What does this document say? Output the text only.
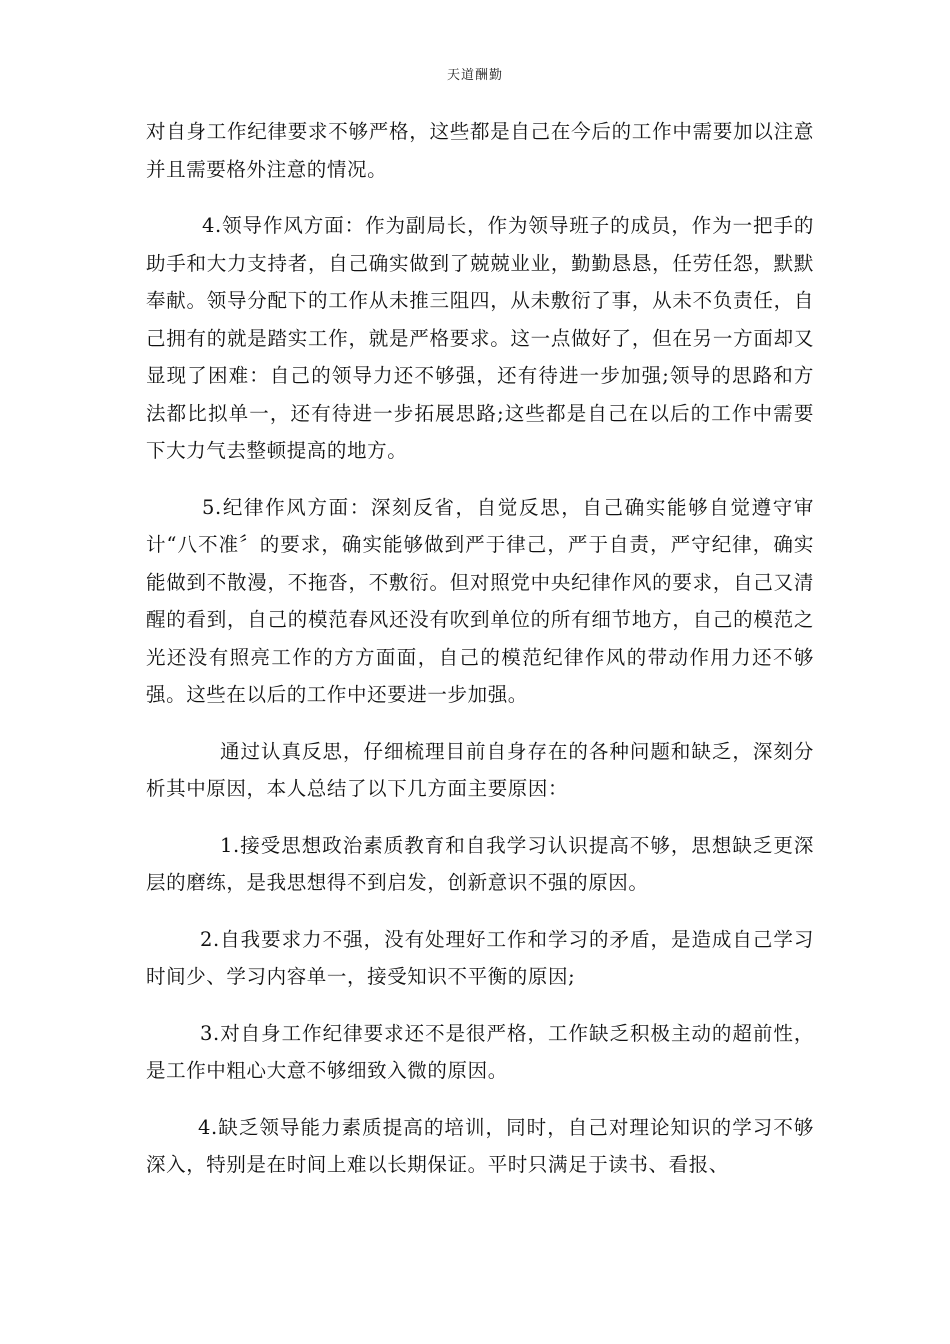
天道酬勤

对自身工作纪律要求不够严格，这些都是自己在今后的工作中需要加以注意并且需要格外注意的情况。

4.领导作风方面：作为副局长，作为领导班子的成员，作为一把手的助手和大力支持者，自己确实做到了兢兢业业，勤勤恳恳，任劳任怨，默默奉献。领导分配下的工作从未推三阻四，从未敷衍了事，从未不负责任，自己拥有的就是踏实工作，就是严格要求。这一点做好了，但在另一方面却又显现了困难：自己的领导力还不够强，还有待进一步加强;领导的思路和方法都比拟单一，还有待进一步拓展思路;这些都是自己在以后的工作中需要下大力气去整顿提高的地方。

5.纪律作风方面：深刻反省，自觉反思，自己确实能够自觉遵守审计“八不准〞的要求，确实能够做到严于律己，严于自责，严守纪律，确实能做到不散漫，不拖沓，不敷衍。但对照党中央纪律作风的要求，自己又清醒的看到，自己的模范春风还没有吹到单位的所有细节地方，自己的模范之光还没有照亮工作的方方面面，自己的模范纪律作风的带动作用力还不够强。这些在以后的工作中还要进一步加强。

通过认真反思，仔细梳理目前自身存在的各种问题和缺乏，深刻分析其中原因，本人总结了以下几方面主要原因：

1.接受思想政治素质教育和自我学习认识提高不够，思想缺乏更深层的磨练，是我思想得不到启发，创新意识不强的原因。

2.自我要求力不强，没有处理好工作和学习的矛盾，是造成自己学习时间少、学习内容单一，接受知识不平衡的原因;

3.对自身工作纪律要求还不是很严格，工作缺乏积极主动的超前性，是工作中粗心大意不够细致入微的原因。

4.缺乏领导能力素质提高的培训，同时，自己对理论知识的学习不够深入，特别是在时间上难以长期保证。平时只满足于读书、看报、
